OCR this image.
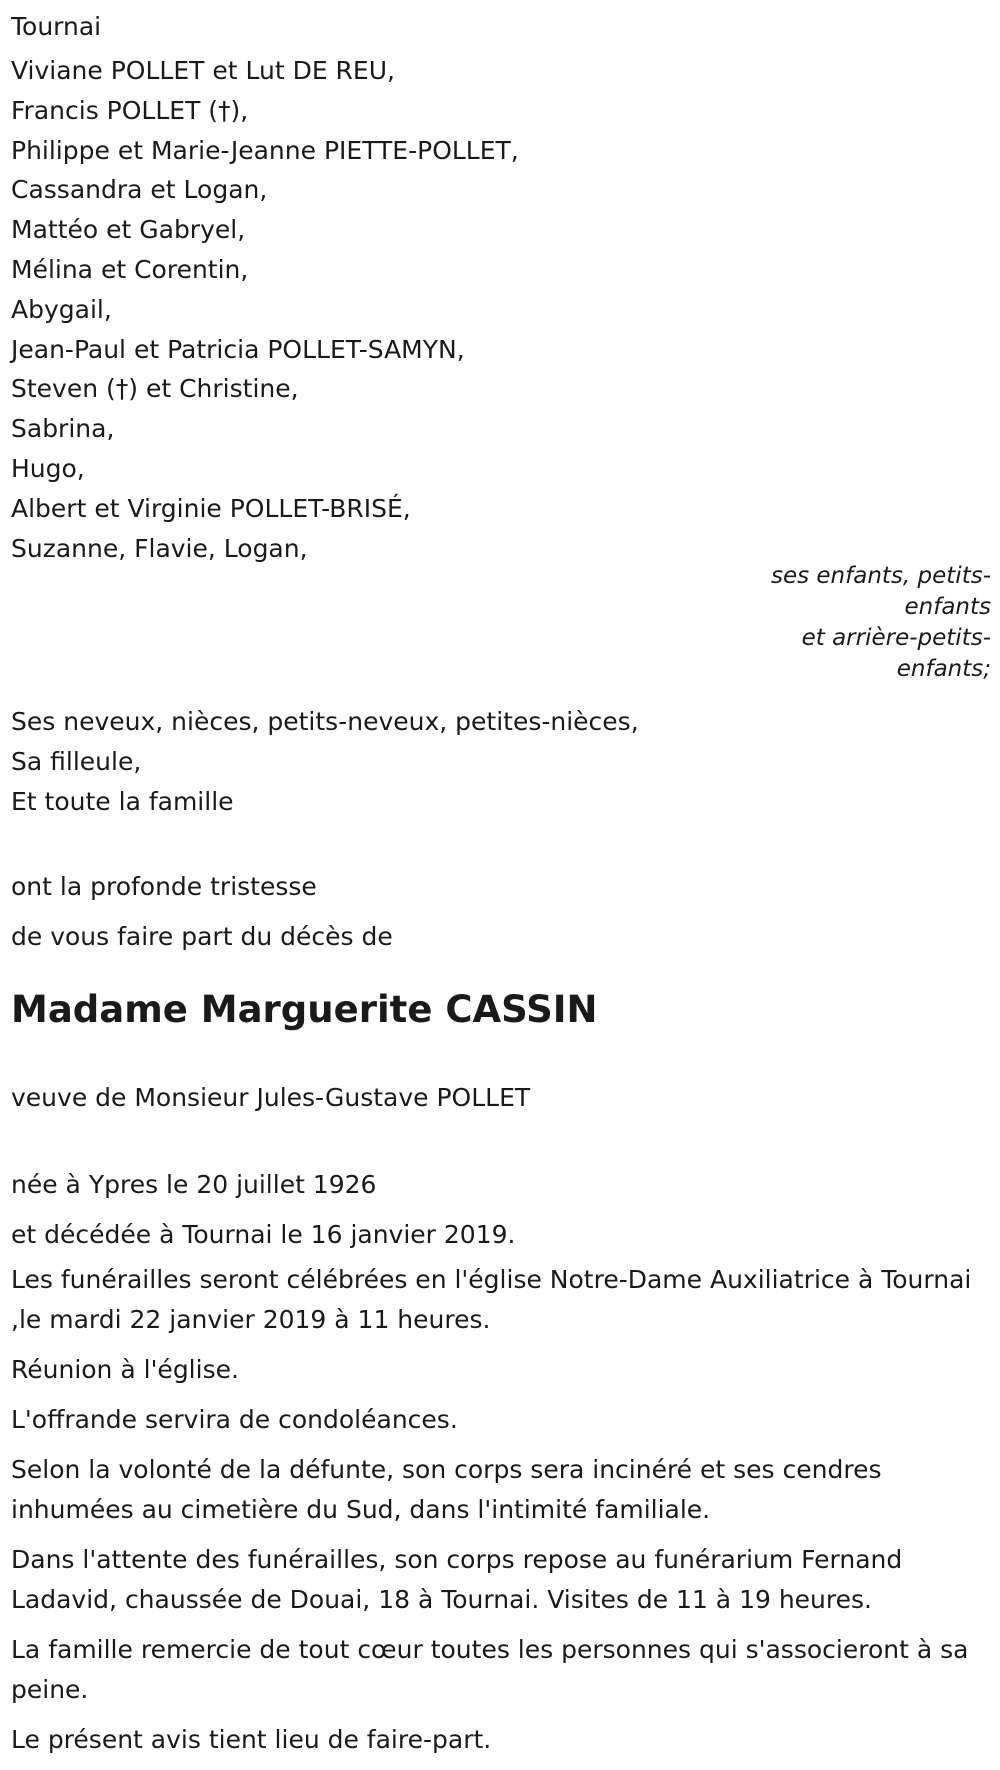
Tournai
Viviane POLLET et Lut DE REU,
Francis POLLET (†),
Philippe et Marie-Jeanne PIETTE-POLLET,
Cassandra et Logan,
Mattéo et Gabryel,
Mélina et Corentin,
Abygail,
Jean-Paul et Patricia POLLET-SAMYN,
Steven (†) et Christine,
Sabrina,
Hugo,
Albert et Virginie POLLET-BRISÉ,
Suzanne, Flavie, Logan,
ses enfants, petits-enfants
et arrière-petits-enfants;
Ses neveux, nièces, petits-neveux, petites-nièces,
Sa filleule,
Et toute la famille
ont la profonde tristesse
de vous faire part du décès de
Madame Marguerite CASSIN
veuve de Monsieur Jules-Gustave POLLET
née à Ypres le 20 juillet 1926
et décédée à Tournai le 16 janvier 2019.
Les funérailles seront célébrées en l'église Notre-Dame Auxiliatrice à Tournai ,le mardi 22 janvier 2019 à 11 heures.
Réunion à l'église.
L'offrande servira de condoléances.
Selon la volonté de la défunte, son corps sera incinéré et ses cendres inhumées au cimetière du Sud, dans l'intimité familiale.
Dans l'attente des funérailles, son corps repose au funérarium Fernand Ladavid, chaussée de Douai, 18 à Tournai. Visites de 11 à 19 heures.
La famille remercie de tout cœur toutes les personnes qui s'associeront à sa peine.
Le présent avis tient lieu de faire-part.
